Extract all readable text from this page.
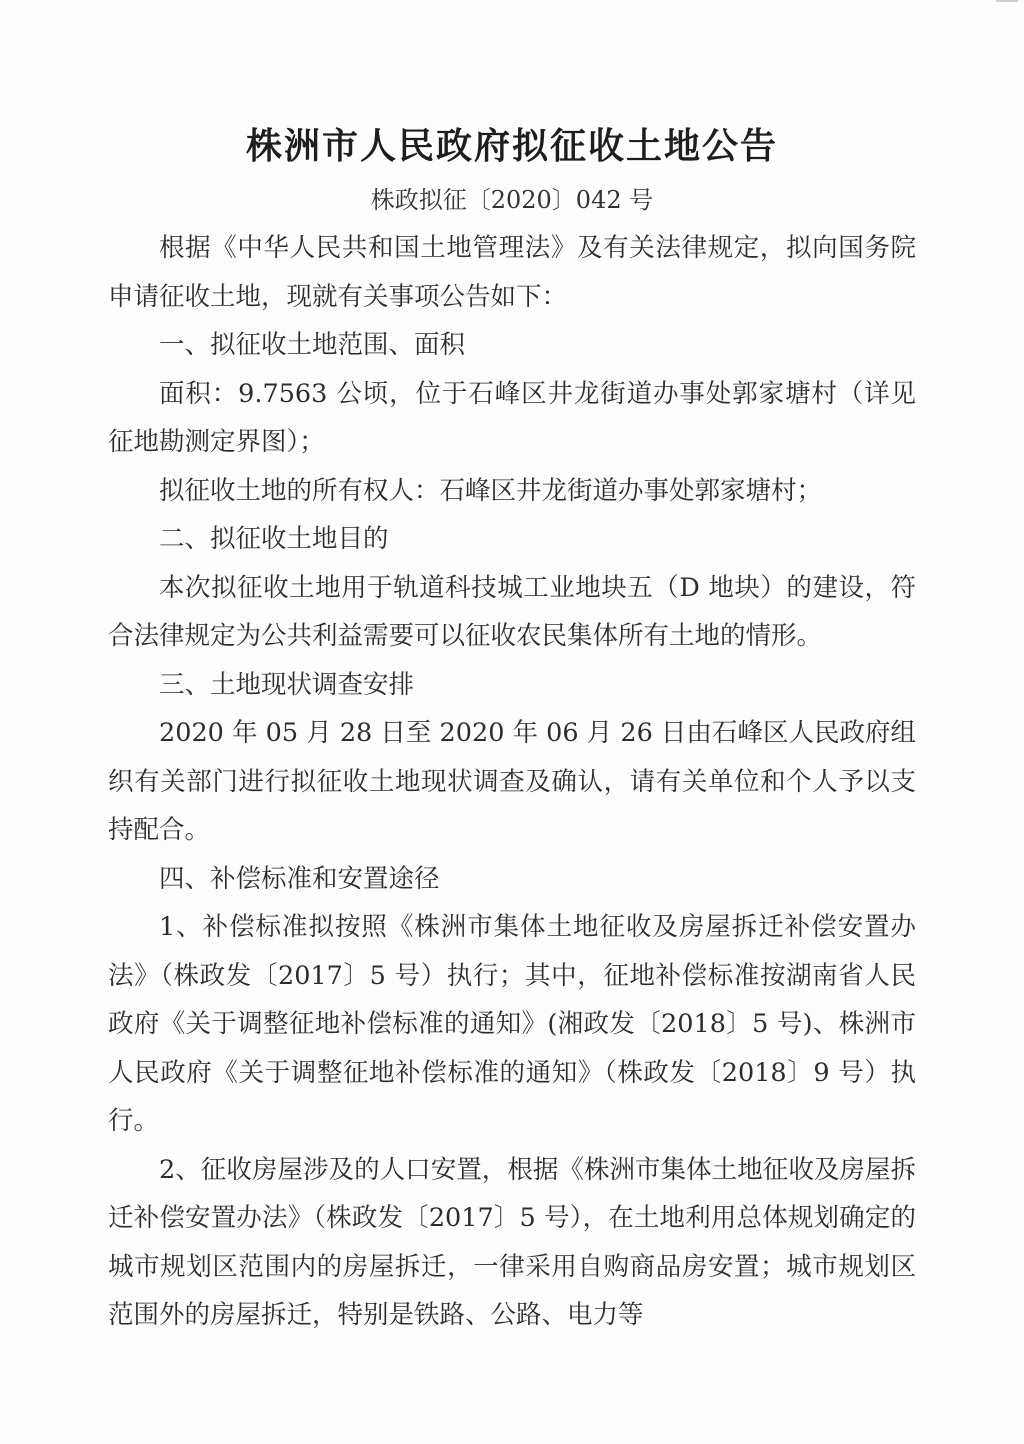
株洲市人民政府拟征收土地公告
株政拟征〔2020〕042 号

根据《中华人民共和国土地管理法》及有关法律规定，拟向国务院申请征收土地，现就有关事项公告如下：

一、拟征收土地范围、面积

面积：9.7563 公顷，位于石峰区井龙街道办事处郭家塘村（详见征地勘测定界图）；

拟征收土地的所有权人：石峰区井龙街道办事处郭家塘村；

二、拟征收土地目的

本次拟征收土地用于轨道科技城工业地块五（D 地块）的建设，符合法律规定为公共利益需要可以征收农民集体所有土地的情形。

三、土地现状调查安排

2020 年 05 月 28 日至 2020 年 06 月 26 日由石峰区人民政府组织有关部门进行拟征收土地现状调查及确认，请有关单位和个人予以支持配合。

四、补偿标准和安置途径

1、补偿标准拟按照《株洲市集体土地征收及房屋拆迁补偿安置办法》（株政发〔2017〕5 号）执行；其中，征地补偿标准按湖南省人民政府《关于调整征地补偿标准的通知》(湘政发〔2018〕5 号)、株洲市人民政府《关于调整征地补偿标准的通知》（株政发〔2018〕9 号）执行。

2、征收房屋涉及的人口安置，根据《株洲市集体土地征收及房屋拆迁补偿安置办法》（株政发〔2017〕5 号），在土地利用总体规划确定的城市规划区范围内的房屋拆迁，一律采用自购商品房安置；城市规划区范围外的房屋拆迁，特别是铁路、公路、电力等
